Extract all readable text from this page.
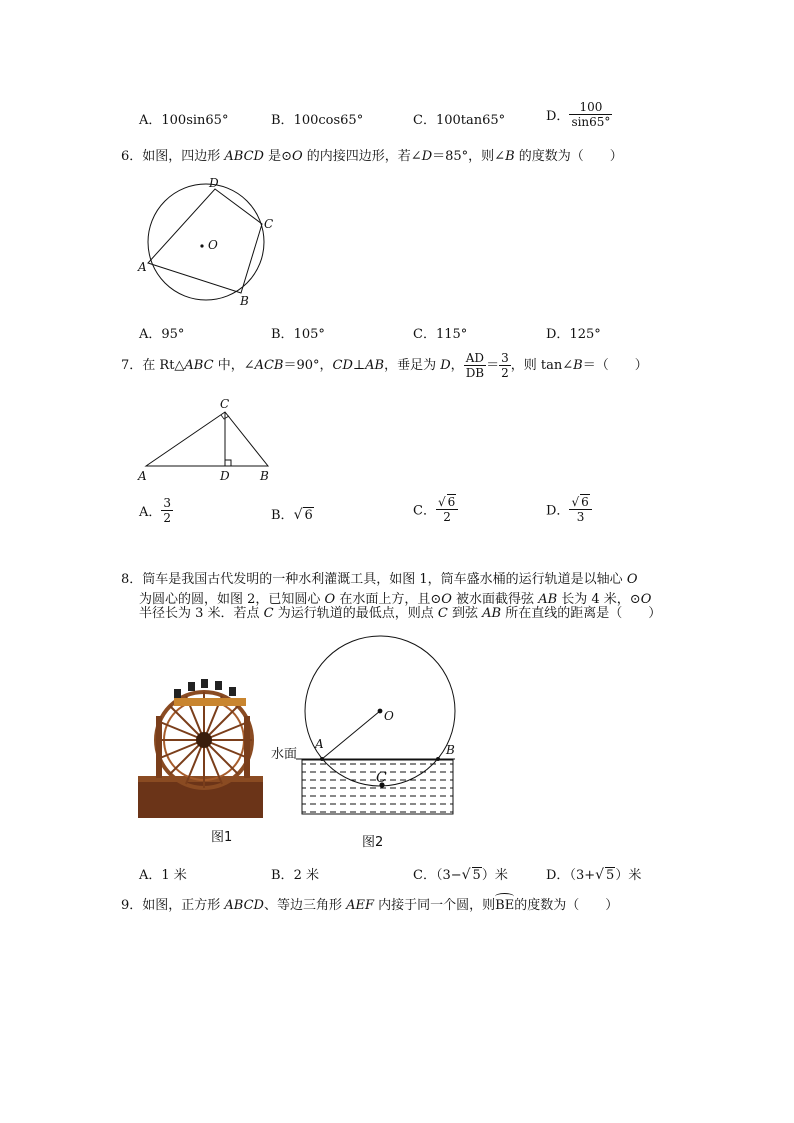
A．100sin65°	B．100cos65°	C．100tan65°	D． $\frac{100}{\sin 65^\circ}$
6．如图，四边形 ABCD 是⊙O 的内接四边形，若∠D＝85°，则∠B 的度数为（　　）
D
C
O
A
B
A．95°	B．105°	C．115°	D．125°
7．在 Rt△ABC 中，∠ACB＝90°，CD⊥AB，垂足为 D， $\frac{AD}{DB} = \frac{3}{2}$ ，则 tan∠B＝（　　）
C
A	D	B
A． $\frac{3}{2}$	B．√ 6	C． $\frac{√ 6}{2}$	D． $\frac{√ 6}{3}$
8．筒车是我国古代发明的一种水利灌溉工具，如图 1，筒车盛水桶的运行轨道是以轴心 O
为圆心的圆，如图 2，已知圆心 O 在水面上方，且⊙O 被水面截得弦 AB 长为 4 米，⊙O
半径长为 3 米．若点 C 为运行轨道的最低点，则点 C 到弦 AB 所在直线的距离是（　　）
图1
O
A	B
C
水面
图2
A．1 米	B．2 米	C．（3−√ 5）米	D．（3+√ 5）米
9．如图，正方形 ABCD、等边三角形 AEF 内接于同一个圆，则BE的度数为（　　）
